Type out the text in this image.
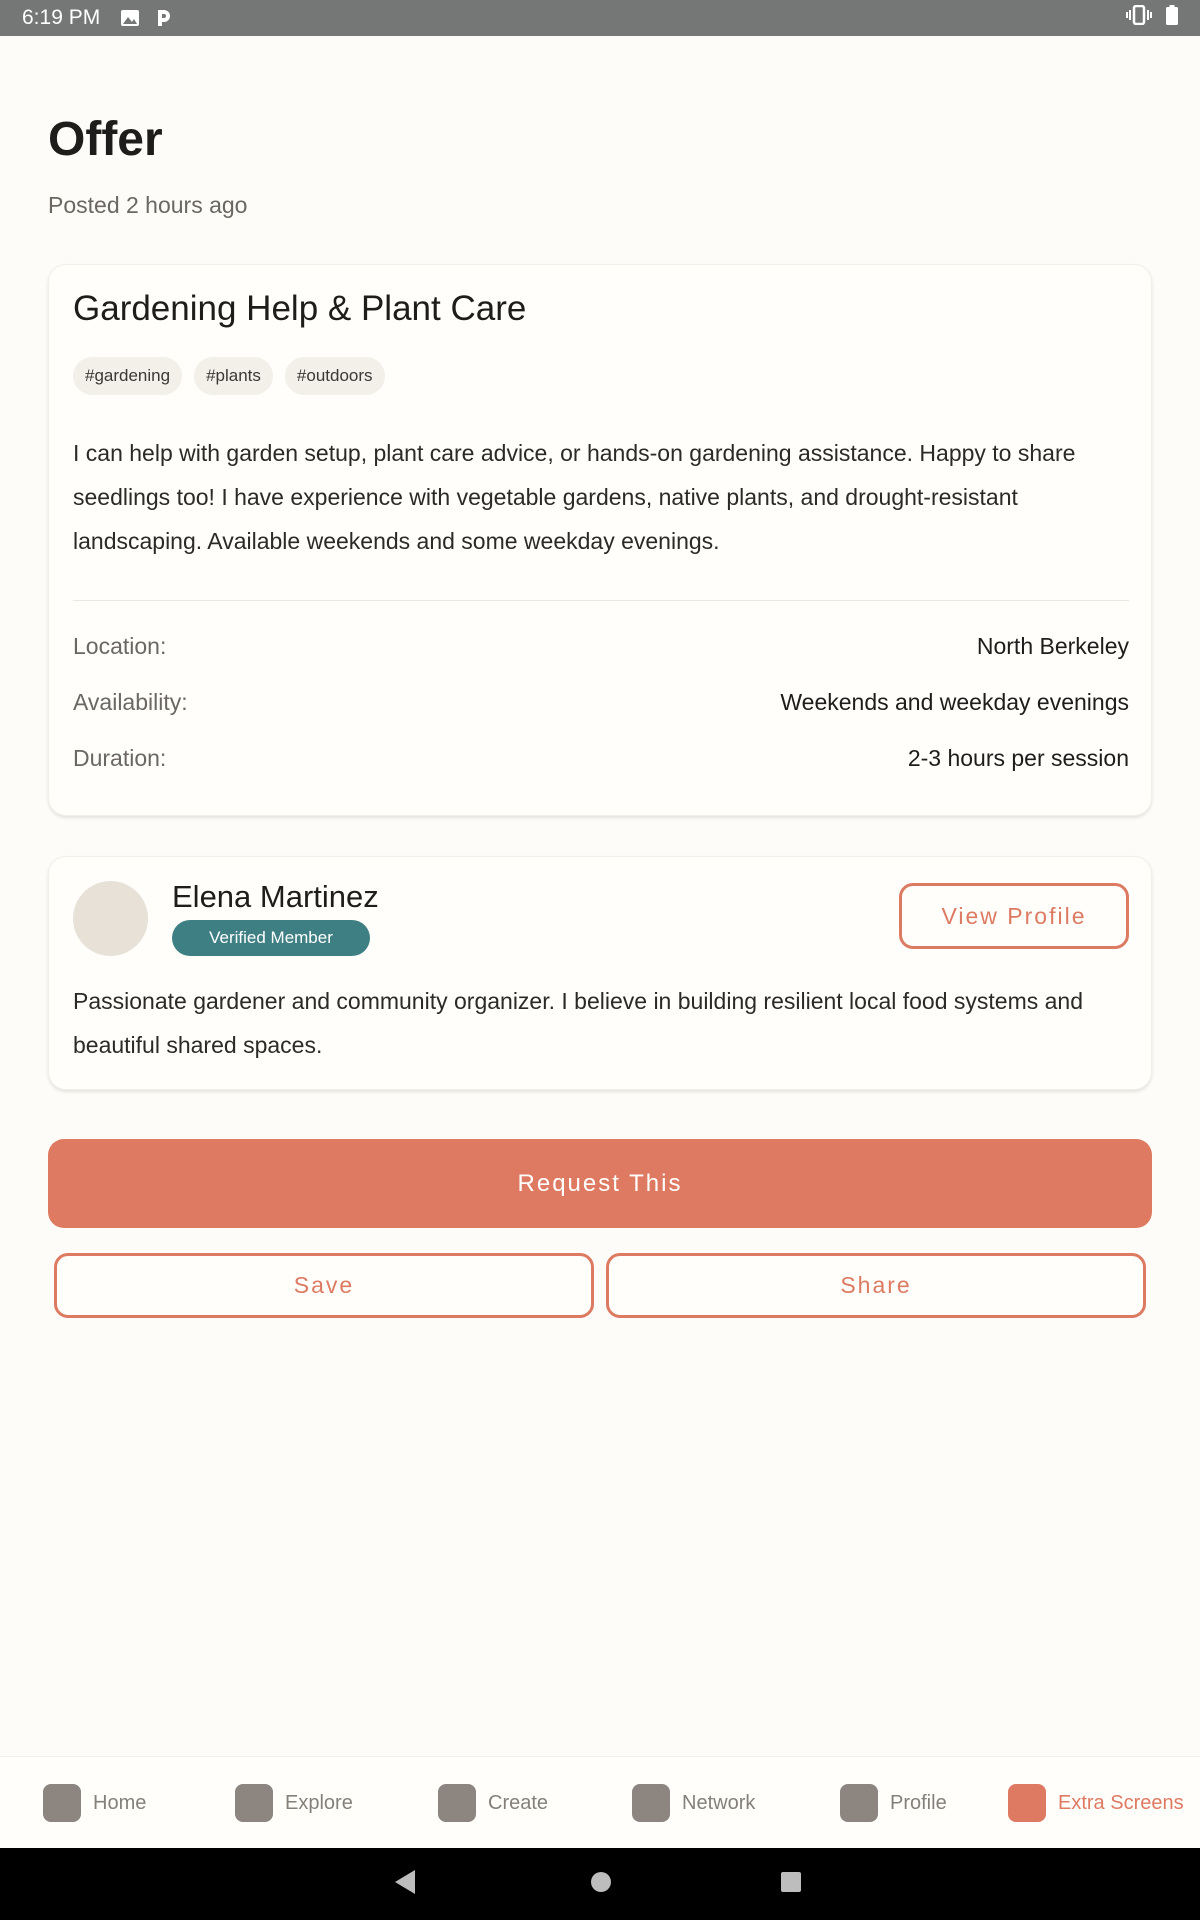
6:19 PM
Offer
Posted 2 hours ago
Gardening Help & Plant Care
#gardening	#plants	#outdoors

I can help with garden setup, plant care advice, or hands-on gardening assistance. Happy to share seedlings too! I have experience with vegetable gardens, native plants, and drought-resistant landscaping. Available weekends and some weekday evenings.

Location:	North Berkeley
Availability:	Weekends and weekday evenings
Duration:	2-3 hours per session
Elena Martinez
Verified Member
View Profile

Passionate gardener and community organizer. I believe in building resilient local food systems and beautiful shared spaces.

Request This
Save	Share
Home	Explore	Create	Network	Profile	Extra Screens
